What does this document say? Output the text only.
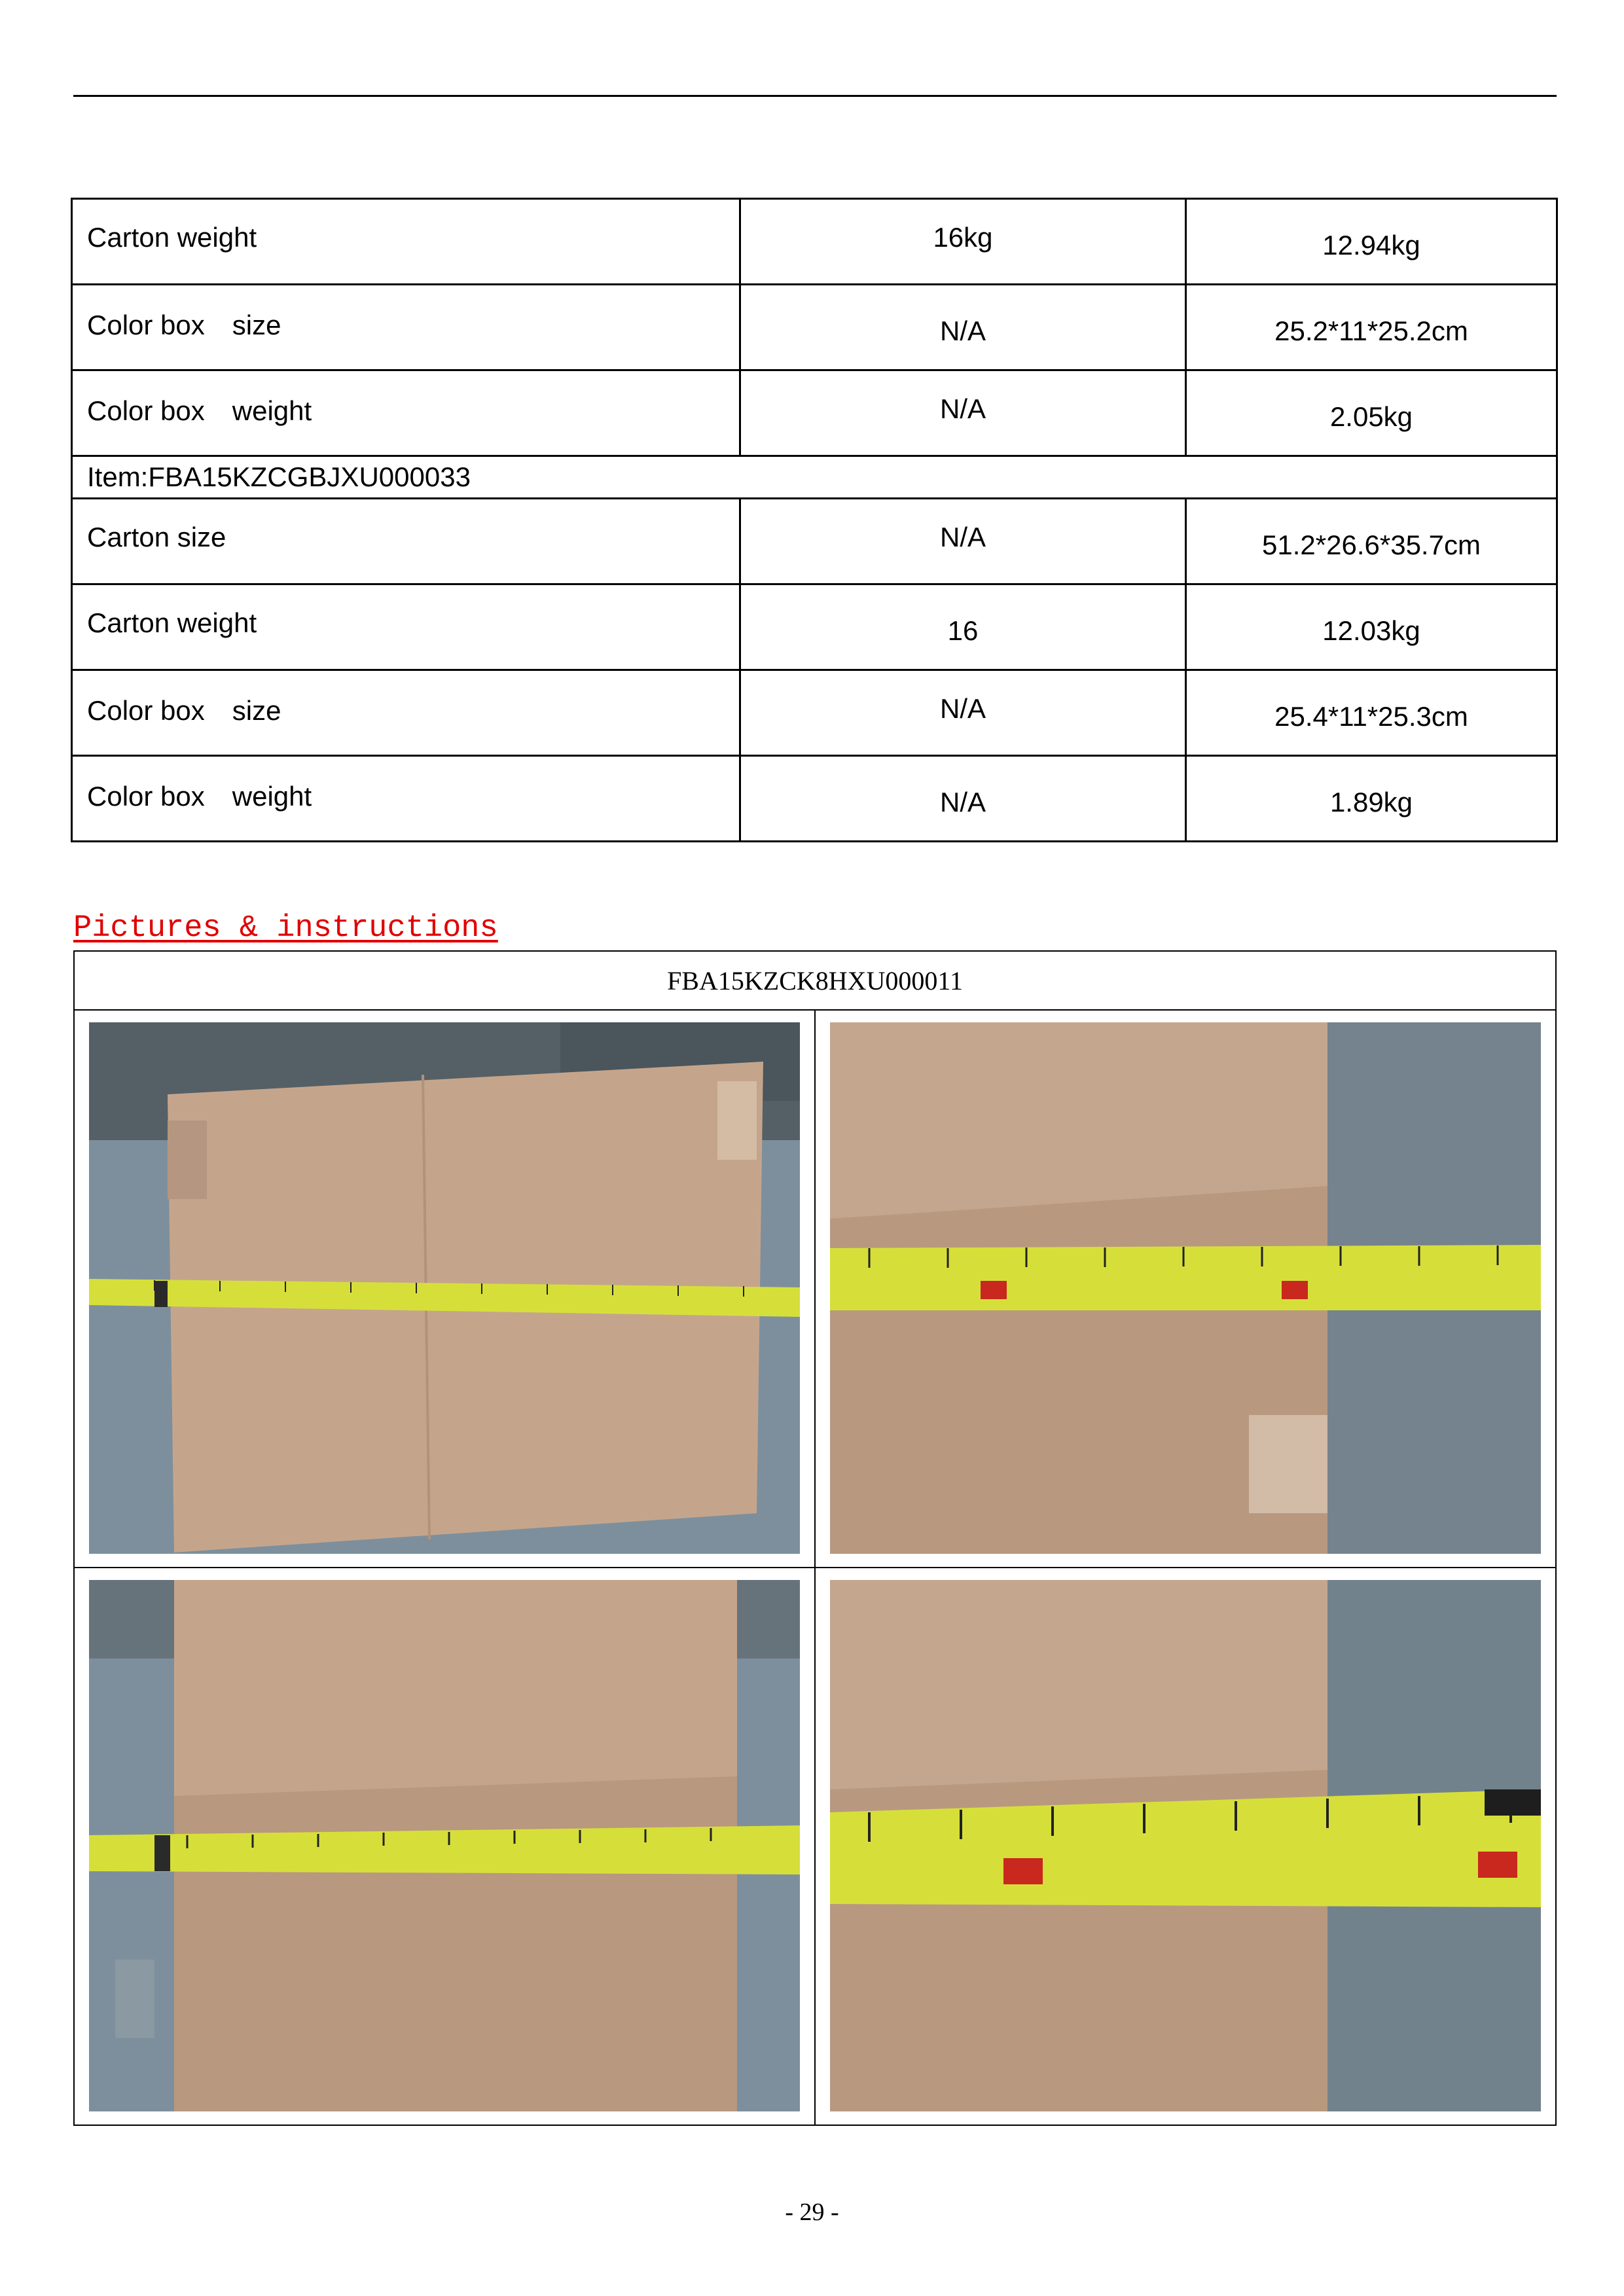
Carton weight	16kg	12.94kg
Color box　size	N/A	25.2*11*25.2cm
Color box　weight	N/A	2.05kg
Item:FBA15KZCGBJXU000033		
Carton size	N/A	51.2*26.6*35.7cm
Carton weight	16	12.03kg
Color box　size	N/A	25.4*11*25.3cm
Color box　weight	N/A	1.89kg
Pictures & instructions
FBA15KZCK8HXU000011	

- 29 -
